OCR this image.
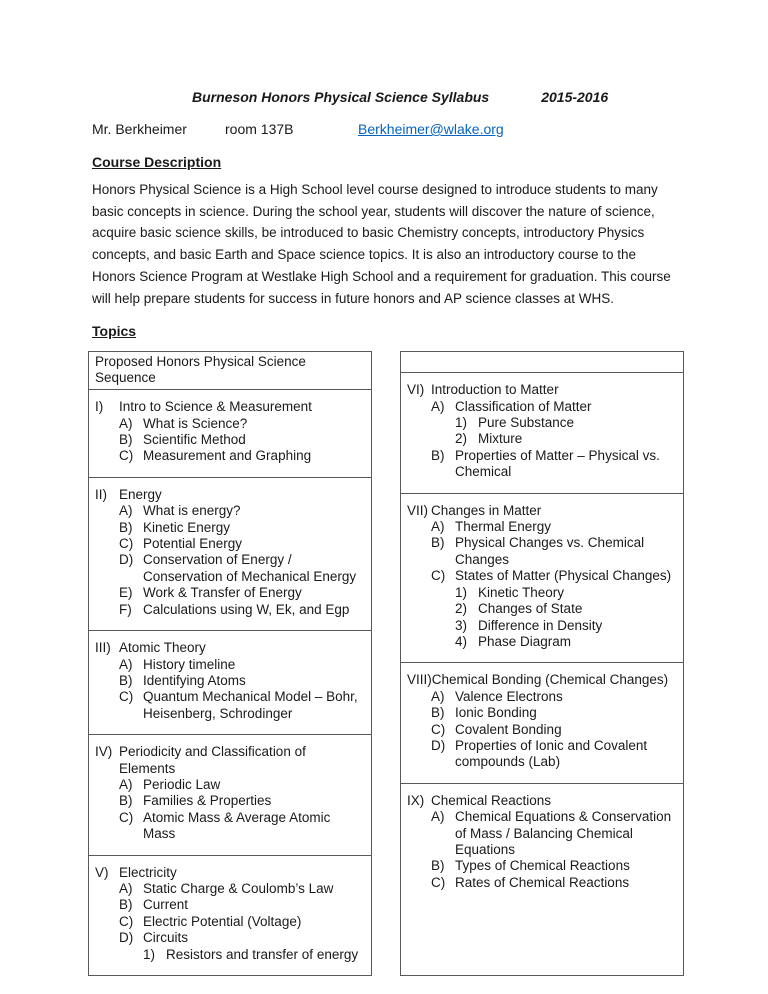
Burneson Honors Physical Science Syllabus	2015-2016
Mr. Berkheimer	room 137B	Berkheimer@wlake.org
Course Description

Honors Physical Science is a High School level course designed to introduce students to many basic concepts in science. During the school year, students will discover the nature of science, acquire basic science skills, be introduced to basic Chemistry concepts, introductory Physics concepts, and basic Earth and Space science topics. It is also an introductory course to the Honors Science Program at Westlake High School and a requirement for graduation. This course will help prepare students for success in future honors and AP science classes at WHS.

Topics
Proposed Honors Physical Science Sequence
I)	Intro to Science & Measurement
A) What is Science?
B) Scientific Method
C) Measurement and Graphing
II) Energy
A) What is energy?
B) Kinetic Energy
C) Potential Energy
D) Conservation of Energy / Conservation of Mechanical Energy
E) Work & Transfer of Energy
F) Calculations using W, Ek, and Egp
III) Atomic Theory
A) History timeline
B) Identifying Atoms
C) Quantum Mechanical Model – Bohr, Heisenberg, Schrodinger
IV) Periodicity and Classification of Elements
A) Periodic Law
B) Families & Properties
C) Atomic Mass & Average Atomic Mass
V) Electricity
A) Static Charge & Coulomb’s Law
B) Current
C) Electric Potential (Voltage)
D) Circuits
1) Resistors and transfer of energy
VI) Introduction to Matter
A) Classification of Matter
1) Pure Substance
2) Mixture
B) Properties of Matter – Physical vs. Chemical
VII) Changes in Matter
A) Thermal Energy
B) Physical Changes vs. Chemical Changes
C) States of Matter (Physical Changes)
1) Kinetic Theory
2) Changes of State
3) Difference in Density
4) Phase Diagram
VIII) Chemical Bonding (Chemical Changes)
A) Valence Electrons
B) Ionic Bonding
C) Covalent Bonding
D) Properties of Ionic and Covalent compounds (Lab)
IX) Chemical Reactions
A) Chemical Equations & Conservation of Mass / Balancing Chemical Equations
B) Types of Chemical Reactions
C) Rates of Chemical Reactions
